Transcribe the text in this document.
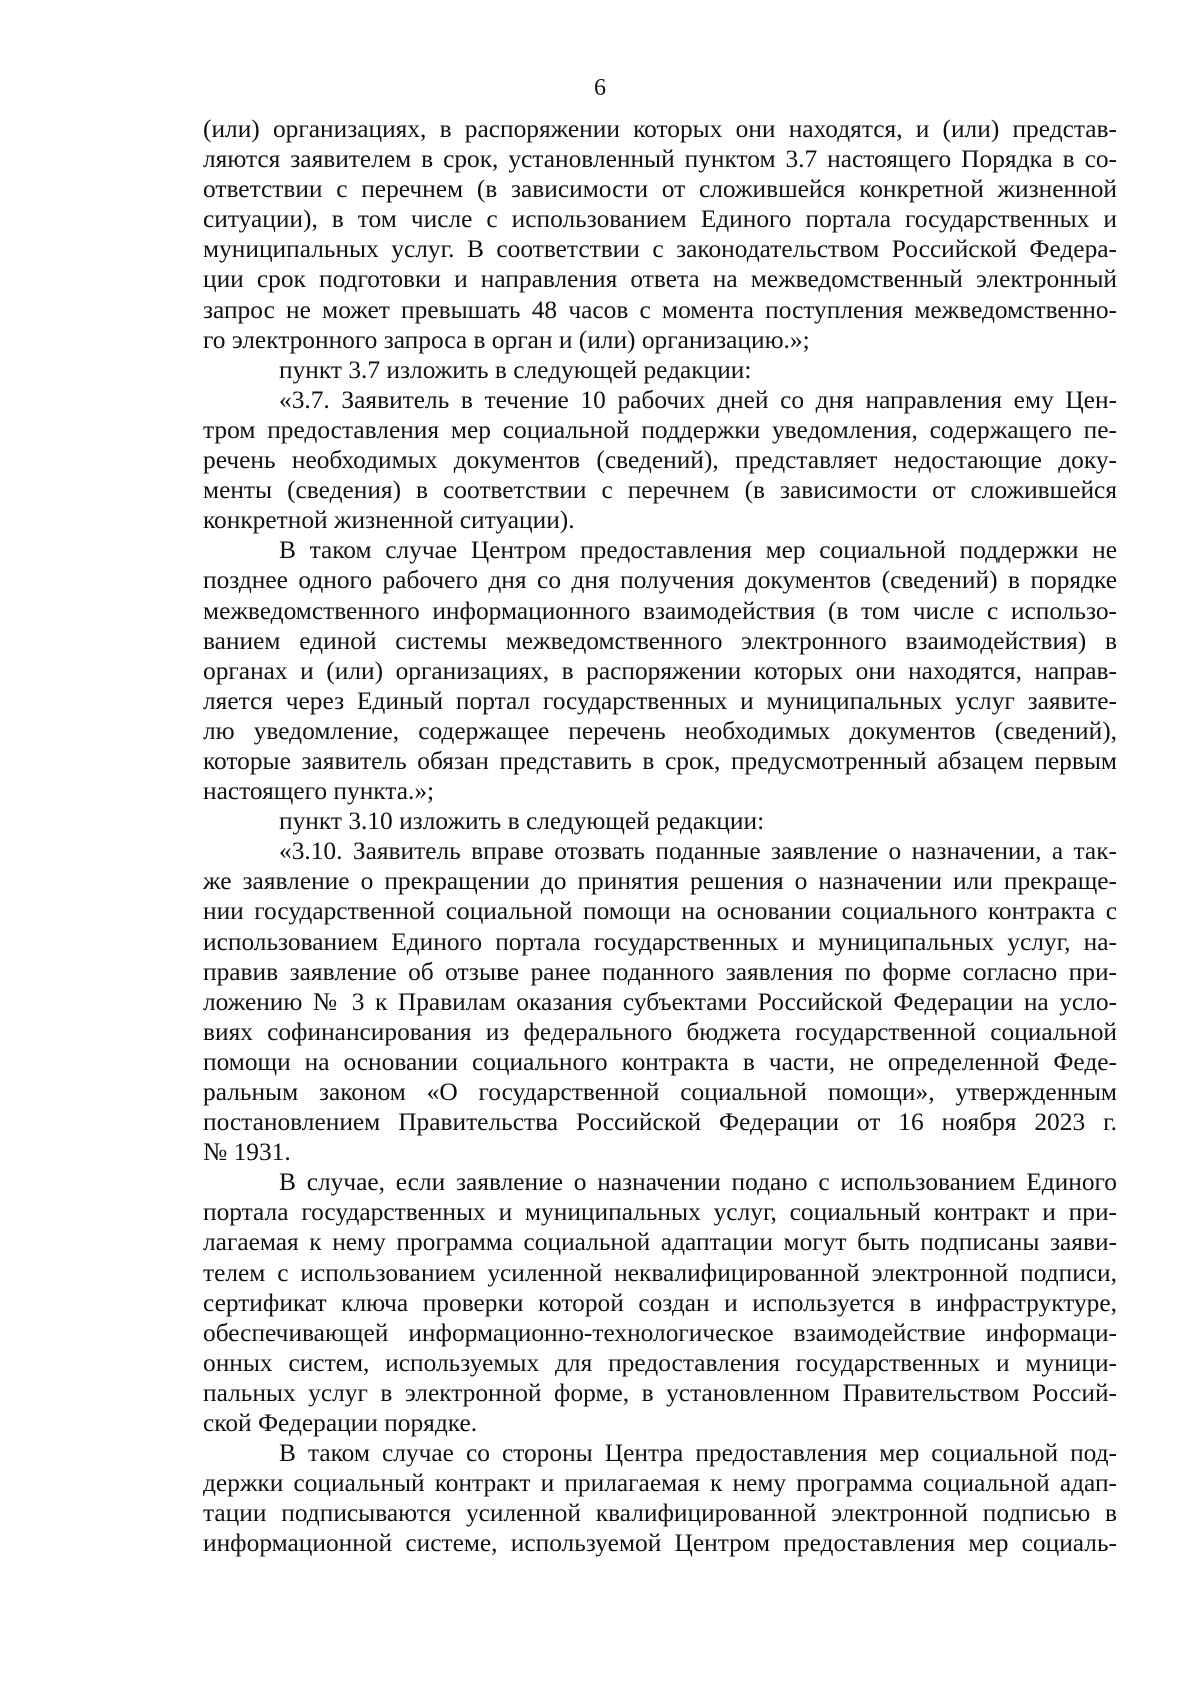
6

(или) организациях, в распоряжении которых они находятся, и (или) представ-
ляются заявителем в срок, установленный пунктом 3.7 настоящего Порядка в со-
ответствии с перечнем (в зависимости от сложившейся конкретной жизненной
ситуации), в том числе с использованием Единого портала государственных и
муниципальных услуг. В соответствии с законодательством Российской Федера-
ции срок подготовки и направления ответа на межведомственный электронный
запрос не может превышать 48 часов с момента поступления межведомственно-
го электронного запроса в орган и (или) организацию.»;

пункт 3.7 изложить в следующей редакции:

«3.7. Заявитель в течение 10 рабочих дней со дня направления ему Цен-
тром предоставления мер социальной поддержки уведомления, содержащего пе-
речень необходимых документов (сведений), представляет недостающие доку-
менты (сведения) в соответствии с перечнем (в зависимости от сложившейся
конкретной жизненной ситуации).

В таком случае Центром предоставления мер социальной поддержки не
позднее одного рабочего дня со дня получения документов (сведений) в порядке
межведомственного информационного взаимодействия (в том числе с использо-
ванием единой системы межведомственного электронного взаимодействия) в
органах и (или) организациях, в распоряжении которых они находятся, направ-
ляется через Единый портал государственных и муниципальных услуг заявите-
лю уведомление, содержащее перечень необходимых документов (сведений),
которые заявитель обязан представить в срок, предусмотренный абзацем первым
настоящего пункта.»;

пункт 3.10 изложить в следующей редакции:

«3.10. Заявитель вправе отозвать поданные заявление о назначении, а так-
же заявление о прекращении до принятия решения о назначении или прекраще-
нии государственной социальной помощи на основании социального контракта с
использованием Единого портала государственных и муниципальных услуг, на-
правив заявление об отзыве ранее поданного заявления по форме согласно при-
ложению № 3 к Правилам оказания субъектами Российской Федерации на усло-
виях софинансирования из федерального бюджета государственной социальной
помощи на основании социального контракта в части, не определенной Феде-
ральным законом «О государственной социальной помощи», утвержденным
постановлением Правительства Российской Федерации от 16 ноября 2023 г.
№ 1931.

В случае, если заявление о назначении подано с использованием Единого
портала государственных и муниципальных услуг, социальный контракт и при-
лагаемая к нему программа социальной адаптации могут быть подписаны заяви-
телем с использованием усиленной неквалифицированной электронной подписи,
сертификат ключа проверки которой создан и используется в инфраструктуре,
обеспечивающей информационно-технологическое взаимодействие информаци-
онных систем, используемых для предоставления государственных и муници-
пальных услуг в электронной форме, в установленном Правительством Россий-
ской Федерации порядке.

В таком случае со стороны Центра предоставления мер социальной под-
держки социальный контракт и прилагаемая к нему программа социальной адап-
тации подписываются усиленной квалифицированной электронной подписью в
информационной системе, используемой Центром предоставления мер социаль-
